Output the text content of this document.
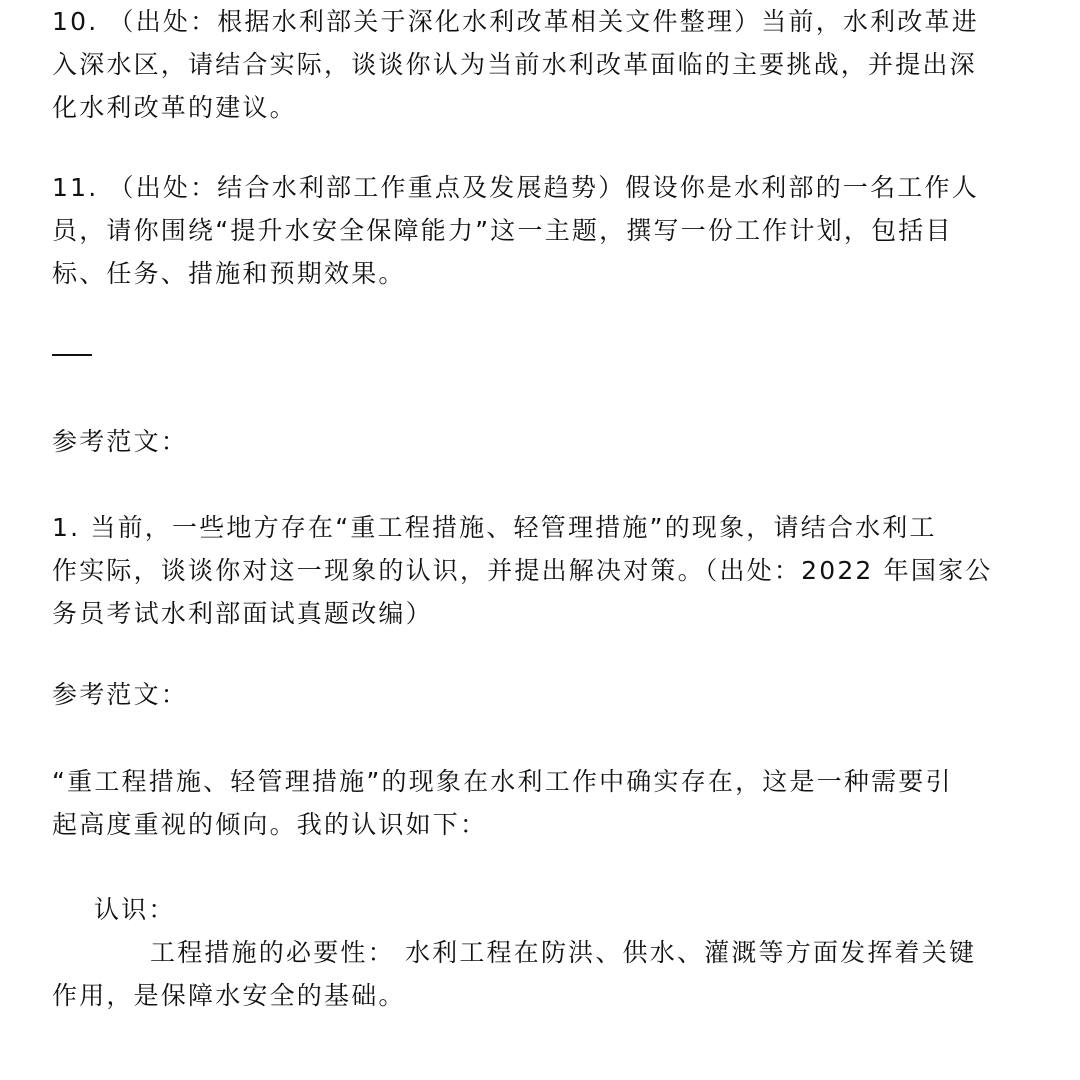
10. （出处：根据水利部关于深化水利改革相关文件整理）当前，水利改革进
入深水区，请结合实际，谈谈你认为当前水利改革面临的主要挑战，并提出深
化水利改革的建议。
11. （出处：结合水利部工作重点及发展趋势）假设你是水利部的一名工作人
员，请你围绕“提升水安全保障能力”这一主题，撰写一份工作计划，包括目
标、任务、措施和预期效果。
参考范文：
1. 当前，一些地方存在“重工程措施、轻管理措施”的现象，请结合水利工
作实际，谈谈你对这一现象的认识，并提出解决对策。（出处：2022 年国家公
务员考试水利部面试真题改编）
参考范文：
“重工程措施、轻管理措施”的现象在水利工作中确实存在，这是一种需要引
起高度重视的倾向。我的认识如下：
认识：
工程措施的必要性： 水利工程在防洪、供水、灌溉等方面发挥着关键
作用，是保障水安全的基础。
